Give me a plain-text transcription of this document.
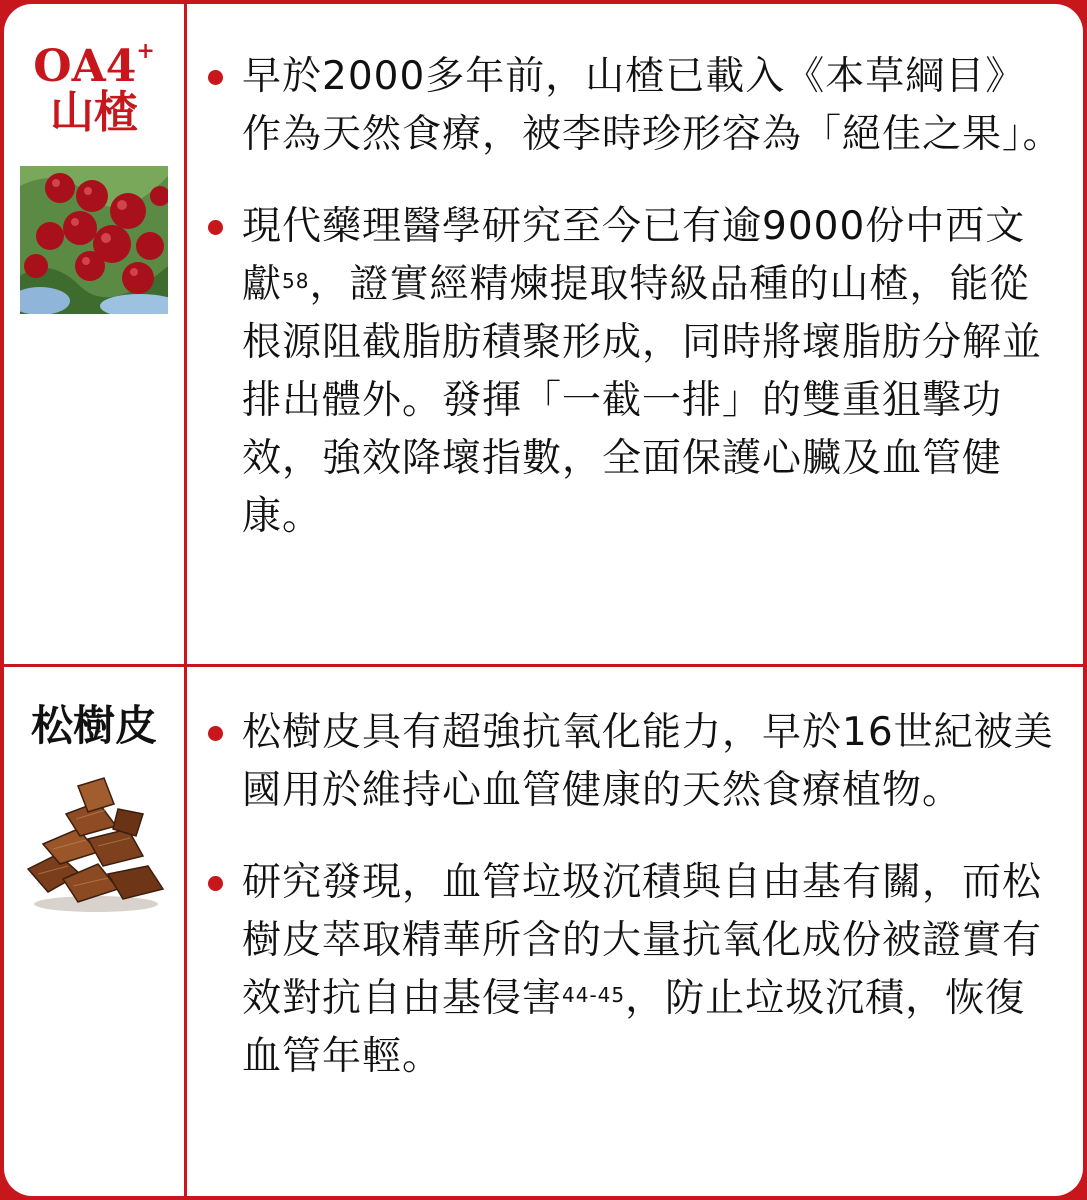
OA4+
山楂
早於2000多年前，山楂已載入《本草綱目》作為天然食療，被李時珍形容為「絕佳之果」。
現代藥理醫學研究至今已有逾9000份中西文獻$^{58}$，證實經精煉提取特級品種的山楂，能從根源阻截脂肪積聚形成，同時將壞脂肪分解並排出體外。發揮「一截一排」的雙重狙擊功效，強效降壞指數，全面保護心臟及血管健康。
松樹皮	松樹皮具有超強抗氧化能力，早於16世紀被美國用於維持心血管健康的天然食療植物。
研究發現，血管垃圾沉積與自由基有關，而松樹皮萃取精華所含的大量抗氧化成份被證實有效對抗自由基侵害$^{44-45}$，防止垃圾沉積，恢復血管年輕。
